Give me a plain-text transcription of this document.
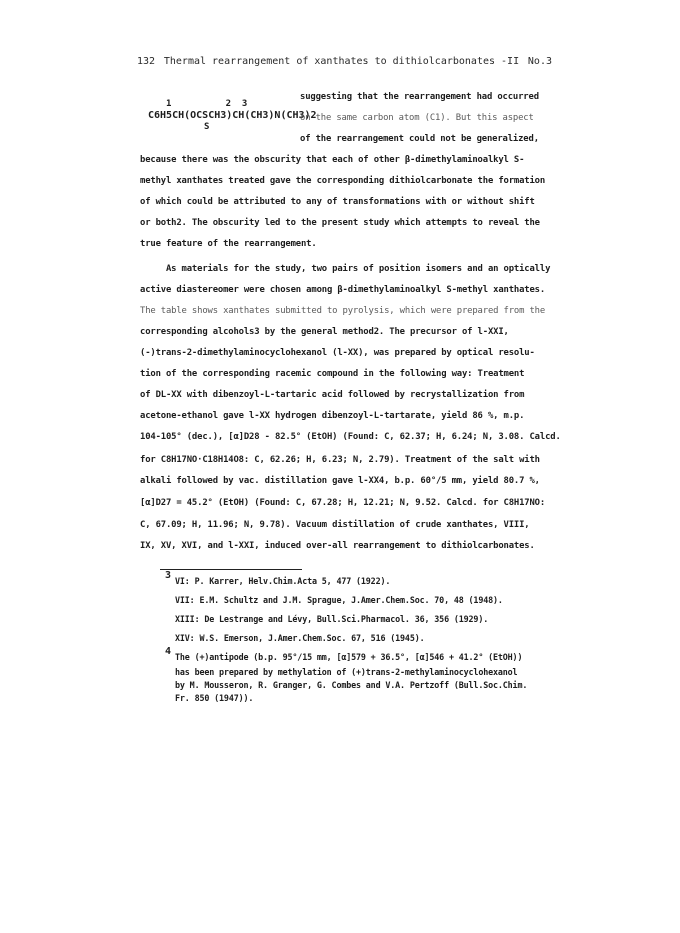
132 Thermal rearrangement of xanthates to dithiolcarbonates -II No.3
1          2  3
C6H5CH(OCSCH3)CH(CH3)N(CH3)2
S
suggesting that the rearrangement had occurred
on the same carbon atom (C1). But this aspect
of the rearrangement could not be generalized,
because there was the obscurity that each of other β-dimethylaminoalkyl S-
methyl xanthates treated gave the corresponding dithiolcarbonate the formation
of which could be attributed to any of transformations with or without shift
or both2. The obscurity led to the present study which attempts to reveal the
true feature of the rearrangement.
As materials for the study, two pairs of position isomers and an optically
active diastereomer were chosen among β-dimethylaminoalkyl S-methyl xanthates.
The table shows xanthates submitted to pyrolysis, which were prepared from the
corresponding alcohols3 by the general method2. The precursor of l-XXI,
(-)trans-2-dimethylaminocyclohexanol (l-XX), was prepared by optical resolu-
tion of the corresponding racemic compound in the following way: Treatment
of DL-XX with dibenzoyl-L-tartaric acid followed by recrystallization from
acetone-ethanol gave l-XX hydrogen dibenzoyl-L-tartarate, yield 86 %, m.p.
104-105° (dec.), [α]D28 - 82.5° (EtOH) (Found: C, 62.37; H, 6.24; N, 3.08. Calcd.
for C8H17NO·C18H14O8: C, 62.26; H, 6.23; N, 2.79). Treatment of the salt with
alkali followed by vac. distillation gave l-XX4, b.p. 60°/5 mm, yield 80.7 %,
[α]D27 = 45.2° (EtOH) (Found: C, 67.28; H, 12.21; N, 9.52. Calcd. for C8H17NO:
C, 67.09; H, 11.96; N, 9.78). Vacuum distillation of crude xanthates, VIII,
IX, XV, XVI, and l-XXI, induced over-all rearrangement to dithiolcarbonates.
3 VI: P. Karrer, Helv.Chim.Acta 5, 477 (1922).
VII: E.M. Schultz and J.M. Sprague, J.Amer.Chem.Soc. 70, 48 (1948).
XIII: De Lestrange and Lévy, Bull.Sci.Pharmacol. 36, 356 (1929).
XIV: W.S. Emerson, J.Amer.Chem.Soc. 67, 516 (1945).
4 The (+)antipode (b.p. 95°/15 mm, [α]579 + 36.5°, [α]546 + 41.2° (EtOH))
has been prepared by methylation of (+)trans-2-methylaminocyclohexanol
by M. Mousseron, R. Granger, G. Combes and V.A. Pertzoff (Bull.Soc.Chim.
Fr. 850 (1947)).
